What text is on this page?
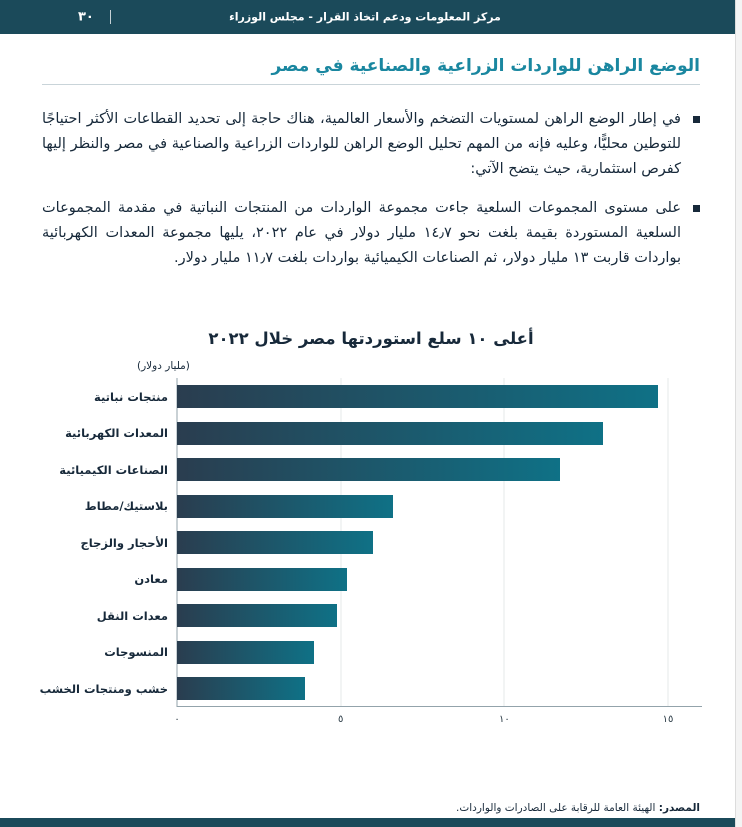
٣٠	مركز المعلومات ودعم اتخاذ القرار - مجلس الوزراء
الوضع الراهن للواردات الزراعية والصناعية في مصر

في إطار الوضع الراهن لمستويات التضخم والأسعار العالمية، هناك حاجة إلى تحديد القطاعات الأكثر احتياجًا للتوطين محليًّا، وعليه فإنه من المهم تحليل الوضع الراهن للواردات الزراعية والصناعية في مصر والنظر إليها كفرص استثمارية، حيث يتضح الآتي:

على مستوى المجموعات السلعية جاءت مجموعة الواردات من المنتجات النباتية في مقدمة المجموعات السلعية المستوردة بقيمة بلغت نحو ١٤٫٧ مليار دولار في عام ٢٠٢٢، يليها مجموعة المعدات الكهربائية بواردات قاربت ١٣ مليار دولار، ثم الصناعات الكيميائية بواردات بلغت ١١٫٧ مليار دولار.

أعلى ١٠ سلع استوردتها مصر خلال ٢٠٢٢
(مليار دولار)
منتجات نباتية
المعدات الكهربائية
الصناعات الكيميائية
بلاستيك/مطاط
الأحجار والزجاج
معادن
معدات النقل
المنسوجات
خشب ومنتجات الخشب
٠	٥	١٠	١٥
المصدر: الهيئة العامة للرقابة على الصادرات والواردات.
